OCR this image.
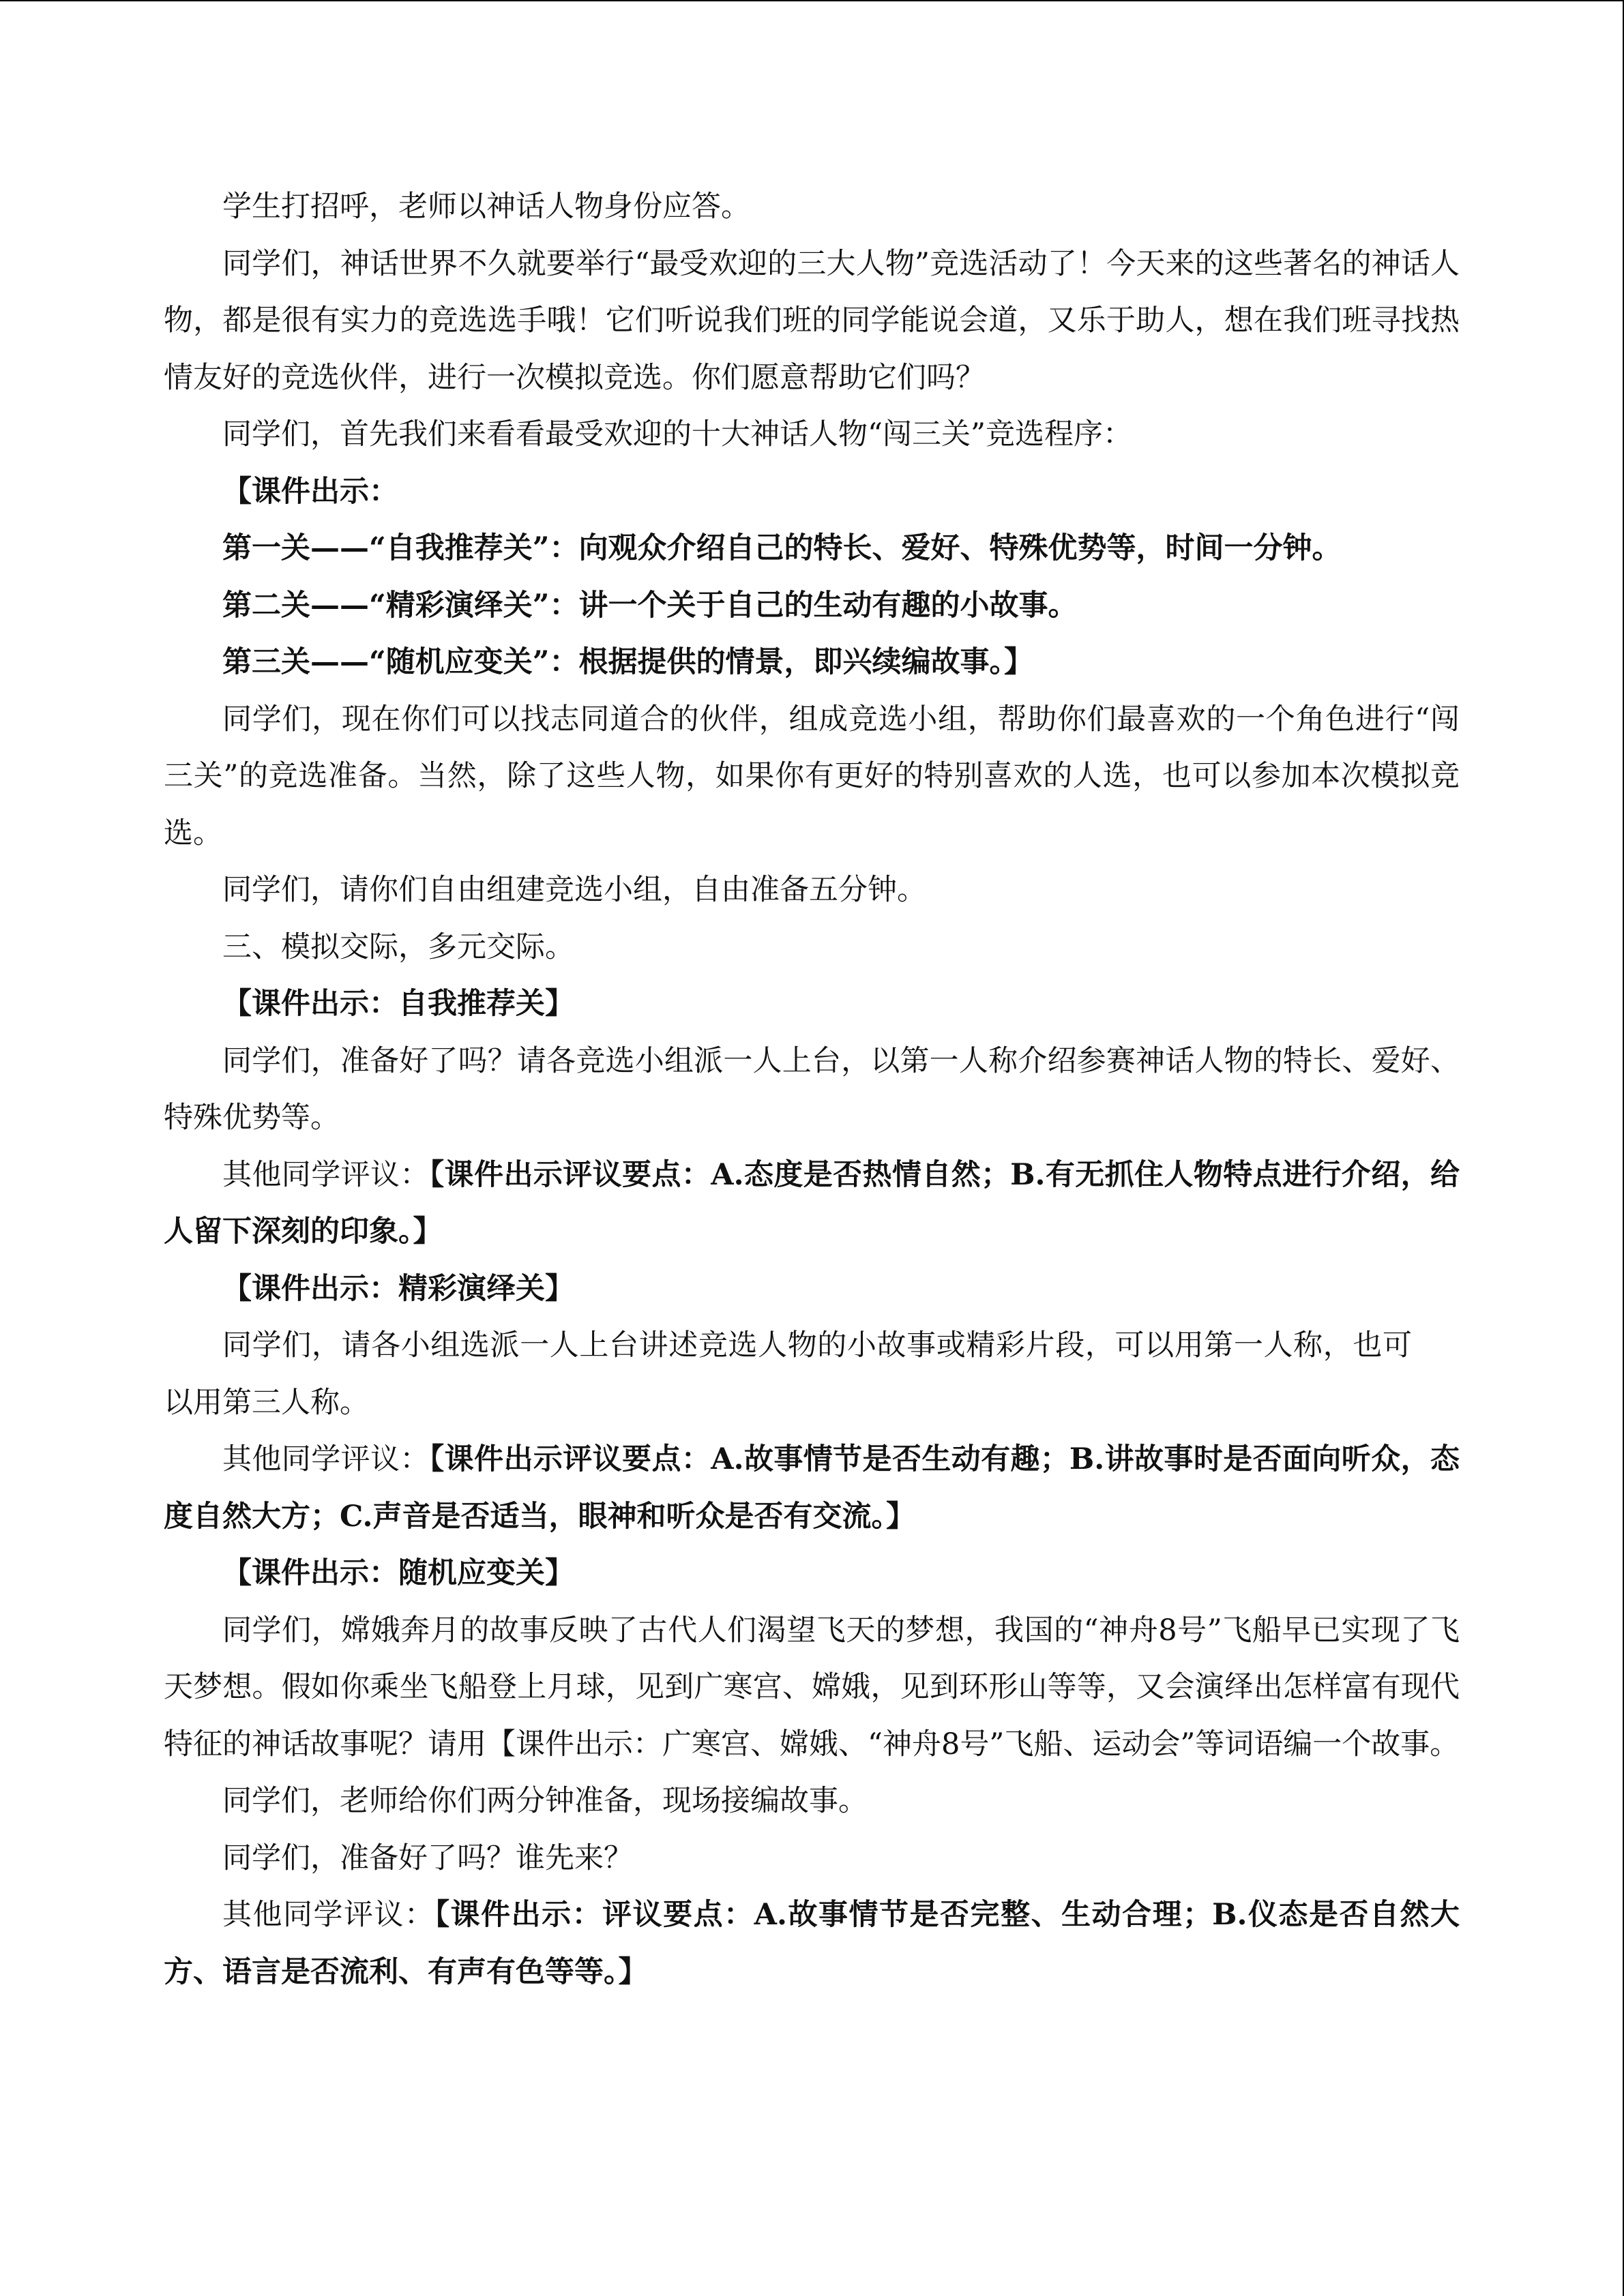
学生打招呼，老师以神话人物身份应答。

同学们，神话世界不久就要举行“最受欢迎的三大人物”竞选活动了！今天来的这些著名的神话人物，都是很有实力的竞选选手哦！它们听说我们班的同学能说会道，又乐于助人，想在我们班寻找热情友好的竞选伙伴，进行一次模拟竞选。你们愿意帮助它们吗？

同学们，首先我们来看看最受欢迎的十大神话人物“闯三关”竞选程序：

【课件出示：

第一关——“自我推荐关”：向观众介绍自己的特长、爱好、特殊优势等，时间一分钟。

第二关——“精彩演绎关”：讲一个关于自己的生动有趣的小故事。

第三关——“随机应变关”：根据提供的情景，即兴续编故事。】

同学们，现在你们可以找志同道合的伙伴，组成竞选小组，帮助你们最喜欢的一个角色进行“闯三关”的竞选准备。当然，除了这些人物，如果你有更好的特别喜欢的人选，也可以参加本次模拟竞选。

同学们，请你们自由组建竞选小组，自由准备五分钟。

三、模拟交际，多元交际。

【课件出示：自我推荐关】

同学们，准备好了吗？请各竞选小组派一人上台，以第一人称介绍参赛神话人物的特长、爱好、特殊优势等。

其他同学评议：【课件出示评议要点：A.态度是否热情自然；B.有无抓住人物特点进行介绍，给人留下深刻的印象。】

【课件出示：精彩演绎关】

同学们，请各小组选派一人上台讲述竞选人物的小故事或精彩片段，可以用第一人称，也可以用第三人称。

其他同学评议：【课件出示评议要点：A.故事情节是否生动有趣；B.讲故事时是否面向听众，态度自然大方；C.声音是否适当，眼神和听众是否有交流。】

【课件出示：随机应变关】

同学们，嫦娥奔月的故事反映了古代人们渴望飞天的梦想，我国的“神舟8号”飞船早已实现了飞天梦想。假如你乘坐飞船登上月球，见到广寒宫、嫦娥，见到环形山等等，又会演绎出怎样富有现代特征的神话故事呢？请用【课件出示：广寒宫、嫦娥、“神舟8号”飞船、运动会”等词语编一个故事。

同学们，老师给你们两分钟准备，现场接编故事。

同学们，准备好了吗？谁先来？

其他同学评议：【课件出示：评议要点：A.故事情节是否完整、生动合理；B.仪态是否自然大方、语言是否流利、有声有色等等。】
